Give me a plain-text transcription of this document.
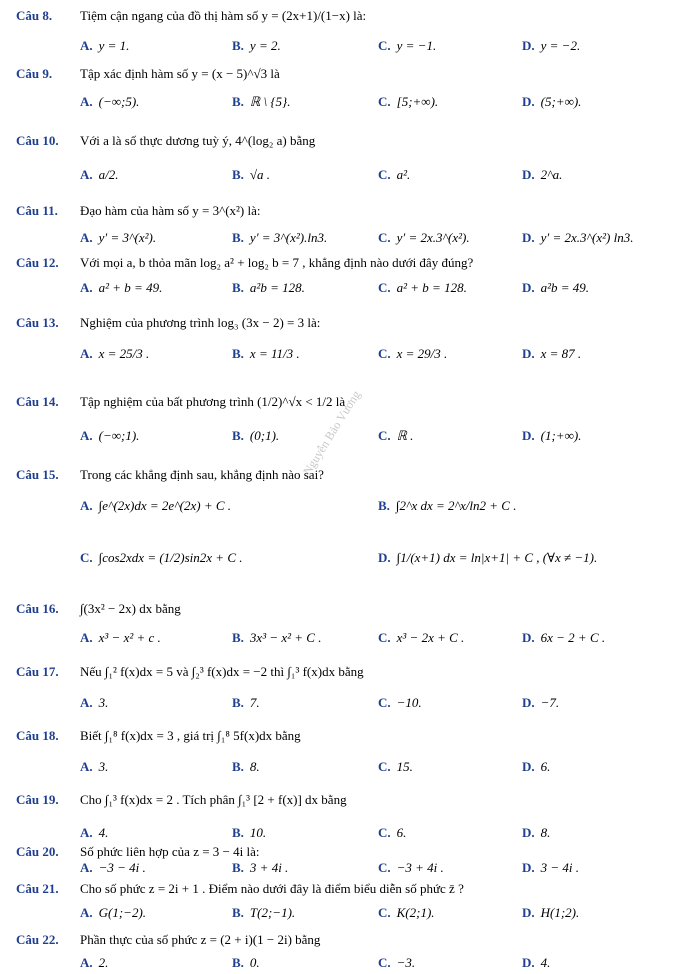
Câu 8. Tiệm cận ngang của đồ thị hàm số y = (2x+1)/(1−x) là:
A. y = 1.	B. y = 2.	C. y = −1.	D. y = −2.
Câu 9. Tập xác định hàm số y = (x − 5)^√3 là
A. (−∞;5).	B. ℝ \ {5}.	C. [5;+∞).	D. (5;+∞).
Câu 10. Với a là số thực dương tuỳ ý, 4^(log₂ a) bằng
A. a/2.	B. √a .	C. a².	D. 2^a.
Câu 11. Đạo hàm của hàm số y = 3^(x²) là:
A. y′ = 3^(x²).	B. y′ = 3^(x²).ln3.	C. y′ = 2x.3^(x²).	D. y′ = 2x.3^(x²) ln3.
Câu 12. Với mọi a, b thỏa mãn log₂ a² + log₂ b = 7 , khẳng định nào dưới đây đúng?
A. a² + b = 49.	B. a²b = 128.	C. a² + b = 128.	D. a²b = 49.
Câu 13. Nghiệm của phương trình log₃ (3x − 2) = 3 là:
A. x = 25/3 .	B. x = 11/3 .	C. x = 29/3 .	D. x = 87 .
Câu 14. Tập nghiệm của bất phương trình (1/2)^√x < 1/2 là
A. (−∞;1).	B. (0;1).	C. ℝ .	D. (1;+∞).
Câu 15. Trong các khẳng định sau, khẳng định nào sai?
A. ∫e^(2x)dx = 2e^(2x) + C .	B. ∫2^x dx = 2^x/ln2 + C .
C. ∫cos2xdx = (1/2)sin2x + C .	D. ∫1/(x+1) dx = ln|x+1| + C , (∀x ≠ −1).
Câu 16. ∫(3x² − 2x) dx bằng
A. x³ − x² + c .	B. 3x³ − x² + C .	C. x³ − 2x + C .	D. 6x − 2 + C .
Câu 17. Nếu ∫₁² f(x)dx = 5 và ∫₂³ f(x)dx = −2 thì ∫₁³ f(x)dx bằng
A. 3.	B. 7.	C. −10.	D. −7.
Câu 18. Biết ∫₁⁸ f(x)dx = 3 , giá trị ∫₁⁸ 5f(x)dx bằng
A. 3.	B. 8.	C. 15.	D. 6.
Câu 19. Cho ∫₁³ f(x)dx = 2 . Tích phân ∫₁³ [2 + f(x)] dx bằng
A. 4.	B. 10.	C. 6.	D. 8.
Câu 20. Số phức liên hợp của z = 3 − 4i là:
A. −3 − 4i .	B. 3 + 4i .	C. −3 + 4i .	D. 3 − 4i .
Câu 21. Cho số phức z = 2i + 1 . Điểm nào dưới đây là điểm biểu diễn số phức z̄ ?
A. G(1;−2).	B. T(2;−1).	C. K(2;1).	D. H(1;2).
Câu 22. Phần thực của số phức z = (2 + i)(1 − 2i) bằng
A. 2.	B. 0.	C. −3.	D. 4.
Nguyễn Bảo Vương
